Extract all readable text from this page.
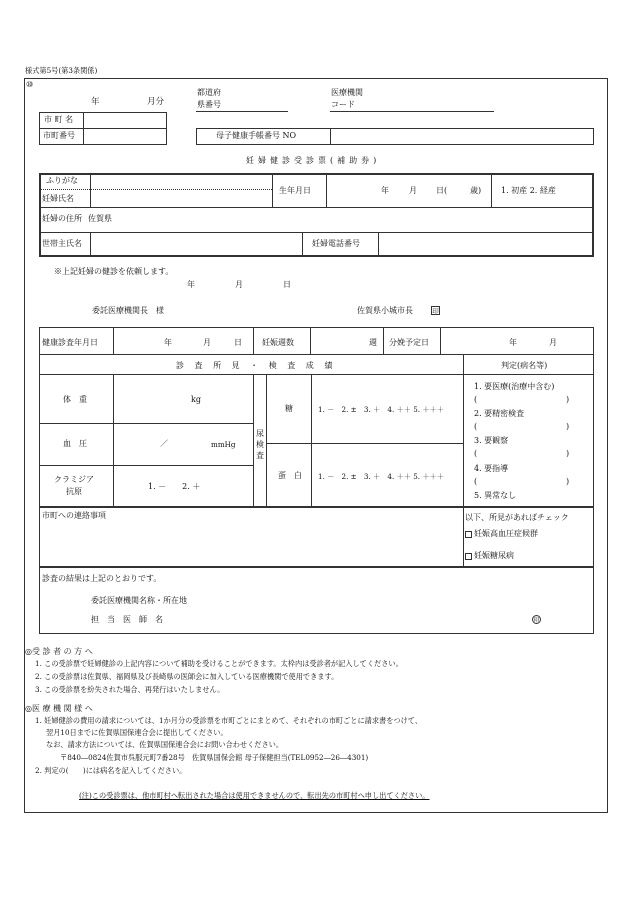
様式第5号(第3条関係)
⑩
年	月分
都道府
県番号
医療機関
コード
市 町 名
市町番号	母子健康手帳番号 NO
妊婦健診受診票(補助券)
ふりがな
妊婦氏名
生年月日	年	月 日(	歳) 1. 初産 2. 経産
妊婦の住所 佐賀県
世帯主氏名	妊婦電話番号
※上記妊婦の健診を依頼します。
年	月	日
委託医療機関長　様	佐賀県小城市長	印
健康診査年月日	年	月	日	妊娠週数	週 分娩予定日	年	月
診 査 所 見 ・ 検 査 成 績	判定(病名等)
体　重	kg
血　圧	／	mmHg
クラミジア
抗原
1. －　　2. ＋
尿検査
糖	1. －　2. ±　3. ＋　4. ＋＋ 5. ＋＋＋
蛋　白 1. －　2. ±　3. ＋　4. ＋＋ 5. ＋＋＋
1. 要医療(治療中含む)
(	)
2. 要精密検査
(	)
3. 要観察
(	)
4. 要指導
(	)
5. 異常なし
市町への連絡事項	以下、所見があればチェック
妊娠高血圧症候群
妊娠糖尿病
診査の結果は上記のとおりです。
委託医療機関名称・所在地
担　当　医　師　名	印
◎受 診 者 の 方 へ
1. この受診票で妊婦健診の上記内容について補助を受けることができます。太枠内は受診者が記入してください。
2. この受診票は佐賀県、福岡県及び長崎県の医師会に加入している医療機関で使用できます。
3. この受診票を紛失された場合、再発行はいたしません。
◎医 療 機 関 様 へ
1. 妊婦健診の費用の請求については、1か月分の受診票を市町ごとにまとめて、それぞれの市町ごとに請求書をつけて、
翌月10日までに佐賀県国保連合会に提出してください。
なお、請求方法については、佐賀県国保連合会にお問い合わせください。
〒840―0824佐賀市呉服元町7番28号　佐賀県国保会館 母子保健担当(TEL0952―26―4301)
2. 判定の(　　)には病名を記入してください。
(注)この受診票は、他市町村へ転出された場合は使用できませんので、転出先の市町村へ申し出てください。
